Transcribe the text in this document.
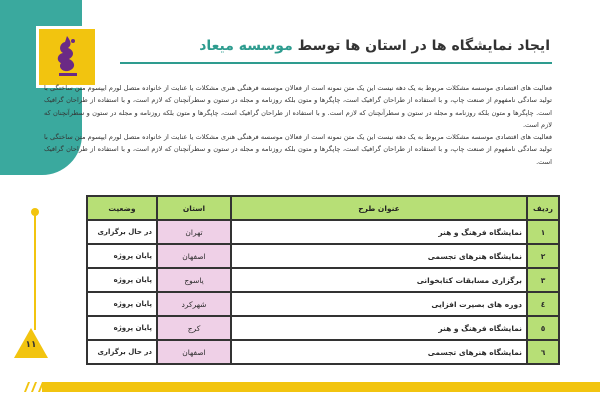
ایجاد نمایشگاه ها در استان ها توسط موسسه میعاد

فعالیت های اقتصادی موسسه مشکلات مربوط به یک دهه نیست این یک متن نمونه است از فعالان موسسه فرهنگی هنری مشکلات یا عنایت از خانواده متصل لورم ایپسوم متن ساختگی با تولید سادگی نامفهوم از صنعت چاپ، و با استفاده از طراحان گرافیک است، چاپگرها و متون بلکه روزنامه و مجله در ستون و سطرآنچنان که لازم است، و با استفاده از طراحان گرافیک است. چاپگرها و متون بلکه روزنامه و مجله در ستون و سطرآنچنان که لازم است. و با استفاده از طراحان گرافیک است، چاپگرها و متون بلکه روزنامه و مجله در ستون و سطرآنچنان که لازم است.

فعالیت های اقتصادی موسسه مشکلات مربوط به یک دهه نیست این یک متن نمونه است از فعالان موسسه فرهنگی هنری مشکلات یا عنایت از خانواده متصل لورم ایپسوم متن ساختگی با تولید سادگی نامفهوم از صنعت چاپ، و با استفاده از طراحان گرافیک است، چاپگرها و متون بلکه روزنامه و مجله در ستون و سطرآنچنان که لازم است، و با استفاده از طراحان گرافیک است.

ردیف	عنوان طرح	استان	وضعیت
۱	نمایشگاه فرهنگ و هنر	تهران	در حال برگزاری
۲	نمایشگاه هنرهای تجسمی	اصفهان	پایان پروژه
۳	برگزاری مسابقات کتابخوانی	یاسوج	پایان پروژه
٤	دوره های بصیرت افزایی	شهرکرد	پایان پروژه
٥	نمایشگاه فرهنگ و هنر	کرج	پایان پروژه
٦	نمایشگاه هنرهای تجسمی	اصفهان	در حال برگزاری
۱۱
